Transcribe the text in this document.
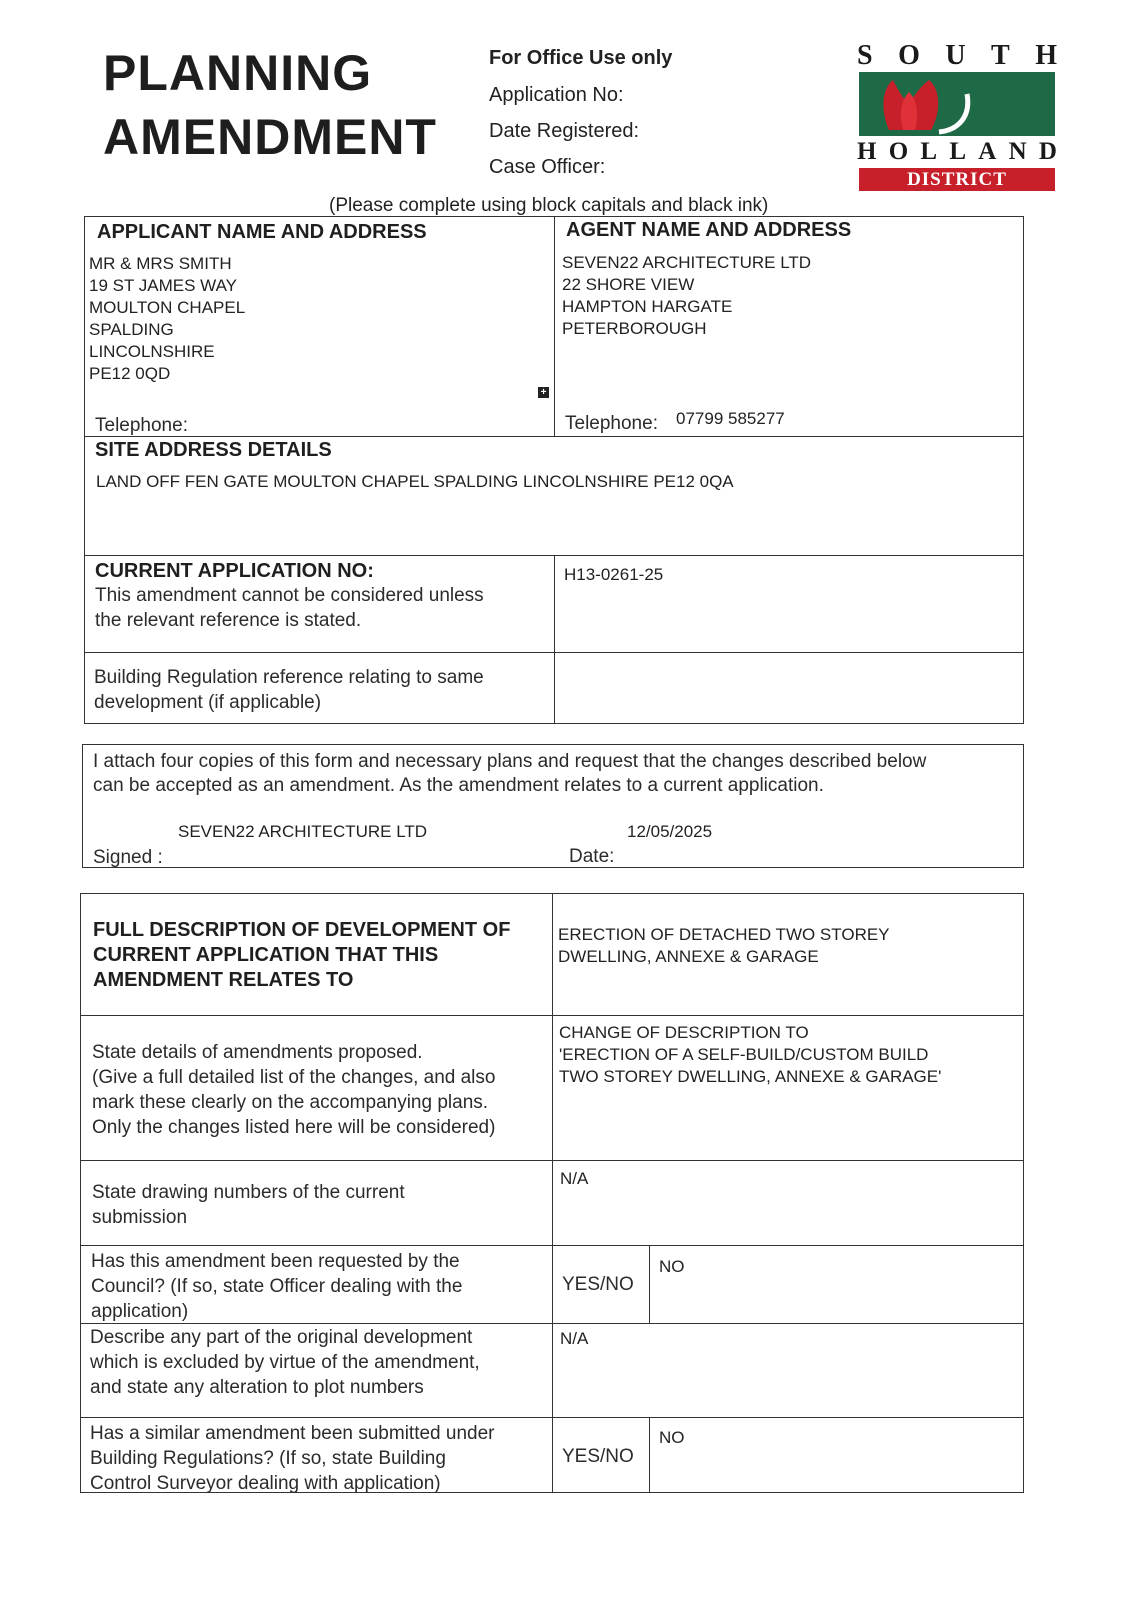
PLANNING
AMENDMENT
For Office Use only
Application No:
Date Registered:
Case Officer:
S O U T H
H O L L A N D
DISTRICT COUNCIL
(Please complete using block capitals and black ink)
APPLICANT NAME AND ADDRESS
MR & MRS SMITH
19 ST JAMES WAY
MOULTON CHAPEL
SPALDING
LINCOLNSHIRE
PE12 0QD
+
Telephone:
AGENT NAME AND ADDRESS
SEVEN22 ARCHITECTURE LTD
22 SHORE VIEW
HAMPTON HARGATE
PETERBOROUGH
Telephone: 07799 585277
SITE ADDRESS DETAILS
LAND OFF FEN GATE MOULTON CHAPEL SPALDING LINCOLNSHIRE PE12 0QA
CURRENT APPLICATION NO:
This amendment cannot be considered unless
the relevant reference is stated.
H13-0261-25
Building Regulation reference relating to same
development (if applicable)
I attach four copies of this form and necessary plans and request that the changes described below
can be accepted as an amendment. As the amendment relates to a current application.
SEVEN22 ARCHITECTURE LTD
Signed :
12/05/2025
Date:
FULL DESCRIPTION OF DEVELOPMENT OF
CURRENT APPLICATION THAT THIS
AMENDMENT RELATES TO
ERECTION OF DETACHED TWO STOREY
DWELLING, ANNEXE & GARAGE
State details of amendments proposed.
(Give a full detailed list of the changes, and also
mark these clearly on the accompanying plans.
Only the changes listed here will be considered)
CHANGE OF DESCRIPTION TO
'ERECTION OF A SELF-BUILD/CUSTOM BUILD
TWO STOREY DWELLING, ANNEXE & GARAGE'
State drawing numbers of the current
submission
N/A
Has this amendment been requested by the
Council? (If so, state Officer dealing with the
application)
YES/NO
NO
Describe any part of the original development
which is excluded by virtue of the amendment,
and state any alteration to plot numbers
N/A
Has a similar amendment been submitted under
Building Regulations? (If so, state Building
Control Surveyor dealing with application)
YES/NO
NO
